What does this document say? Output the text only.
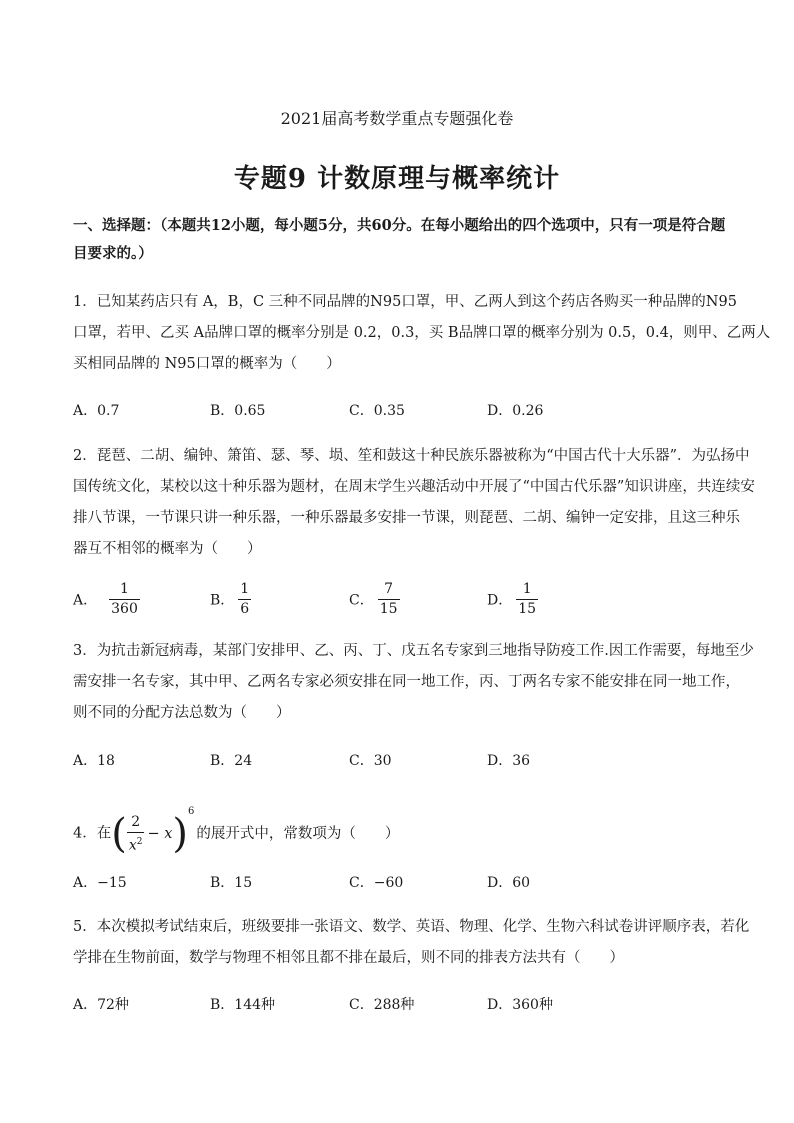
2021届高考数学重点专题强化卷
专题9 计数原理与概率统计
一、选择题：（本题共12小题，每小题5分，共60分。在每小题给出的四个选项中，只有一项是符合题
目要求的。）
1．已知某药店只有 A，B，C 三种不同品牌的N95口罩，甲、乙两人到这个药店各购买一种品牌的N95
口罩，若甲、乙买 A品牌口罩的概率分别是 0.2，0.3，买 B品牌口罩的概率分别为 0.5，0.4，则甲、乙两人
买相同品牌的 N95口罩的概率为（　　）
A．0.7	B．0.65	C．0.35	D．0.26
2．琵琶、二胡、编钟、箫笛、瑟、琴、埙、笙和鼓这十种民族乐器被称为“中国古代十大乐器”．为弘扬中
国传统文化，某校以这十种乐器为题材，在周末学生兴趣活动中开展了“中国古代乐器”知识讲座，共连续安
排八节课，一节课只讲一种乐器，一种乐器最多安排一节课，则琵琶、二胡、编钟一定安排，且这三种乐
器互不相邻的概率为（　　）
A． $\frac{1}{360}$	B． $\frac{1}{6}$	C． $\frac{7}{15}$	D． $\frac{1}{15}$
3．为抗击新冠病毒，某部门安排甲、乙、丙、丁、戊五名专家到三地指导防疫工作.因工作需要，每地至少
需安排一名专家，其中甲、乙两名专家必须安排在同一地工作，丙、丁两名专家不能安排在同一地工作，
则不同的分配方法总数为（　　）
A．18	B．24	C．30	D．36
4．在( $\frac{2}{x^2} - x)^6$的展开式中，常数项为（　　）
A．−15	B．15	C．−60	D．60
5．本次模拟考试结束后，班级要排一张语文、数学、英语、物理、化学、生物六科试卷讲评顺序表，若化
学排在生物前面，数学与物理不相邻且都不排在最后，则不同的排表方法共有（　　）
A．72种	B．144种	C．288种	D．360种
